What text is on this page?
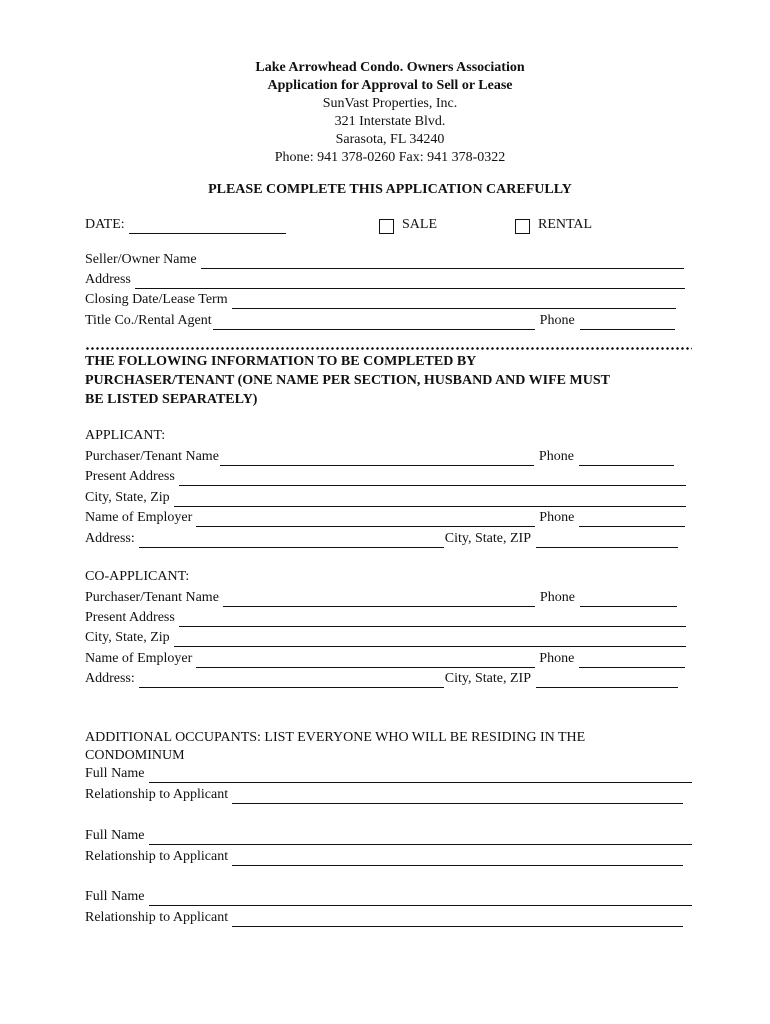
Lake Arrowhead Condo. Owners Association
Application for Approval to Sell or Lease
SunVast Properties, Inc.
321 Interstate Blvd.
Sarasota, FL 34240
Phone: 941 378-0260 Fax: 941 378-0322
PLEASE COMPLETE THIS APPLICATION CAREFULLY
DATE:	SALE	RENTAL
Seller/Owner Name
Address
Closing Date/Lease Term
Title Co./Rental Agent	Phone
THE FOLLOWING INFORMATION TO BE COMPLETED BY
PURCHASER/TENANT (ONE NAME PER SECTION, HUSBAND AND WIFE MUST
BE LISTED SEPARATELY)
APPLICANT:
Purchaser/Tenant Name	Phone
Present Address
City, State, Zip
Name of Employer	Phone
Address:	City, State, ZIP
CO-APPLICANT:
Purchaser/Tenant Name	Phone
Present Address
City, State, Zip
Name of Employer	Phone
Address:	City, State, ZIP
ADDITIONAL OCCUPANTS: LIST EVERYONE WHO WILL BE RESIDING IN THE
CONDOMINUM
Full Name
Relationship to Applicant
Full Name
Relationship to Applicant
Full Name
Relationship to Applicant
